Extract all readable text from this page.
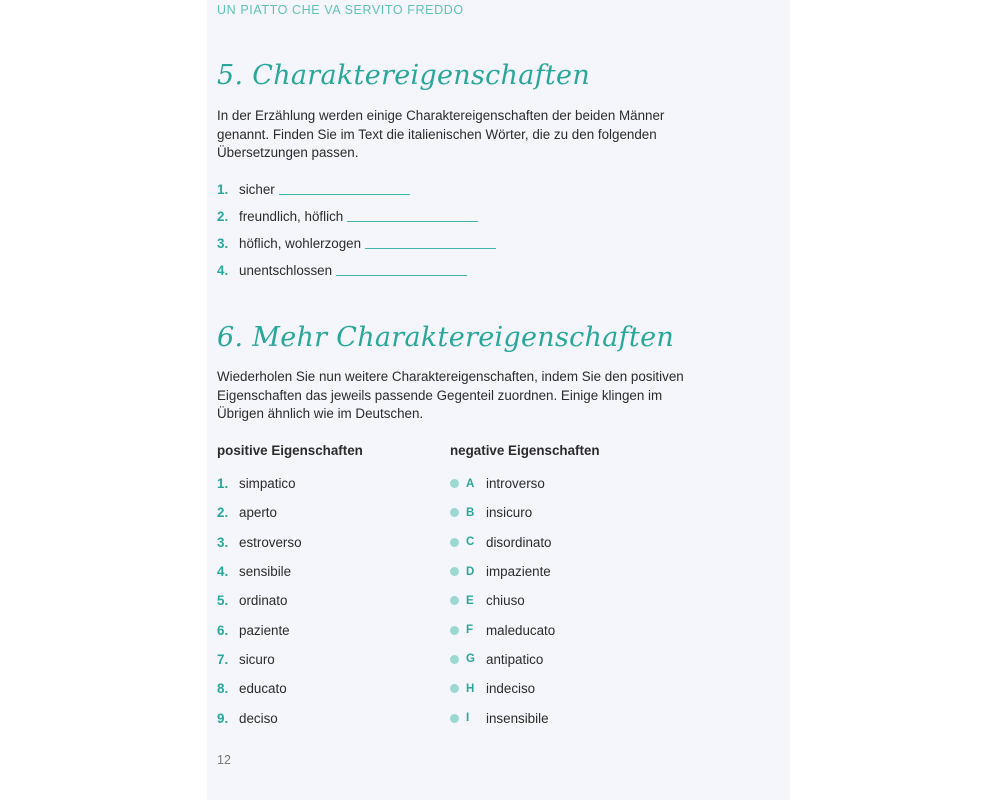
UN PIATTO CHE VA SERVITO FREDDO
5. Charaktereigenschaften
In der Erzählung werden einige Charaktereigenschaften der beiden Männer genannt. Finden Sie im Text die italienischen Wörter, die zu den folgenden Übersetzungen passen.
1. sicher
2. freundlich, höflich
3. höflich, wohlerzogen
4. unentschlossen
6. Mehr Charaktereigenschaften
Wiederholen Sie nun weitere Charaktereigenschaften, indem Sie den positiven Eigenschaften das jeweils passende Gegenteil zuordnen. Einige klingen im Übrigen ähnlich wie im Deutschen.
positive Eigenschaften	negative Eigenschaften
1. simpatico
2. aperto
3. estroverso
4. sensibile
5. ordinato
6. paziente
7. sicuro
8. educato
9. deciso
A introverso
B insicuro
C disordinato
D impaziente
E chiuso
F maleducato
G antipatico
H indeciso
I	insensibile
12
